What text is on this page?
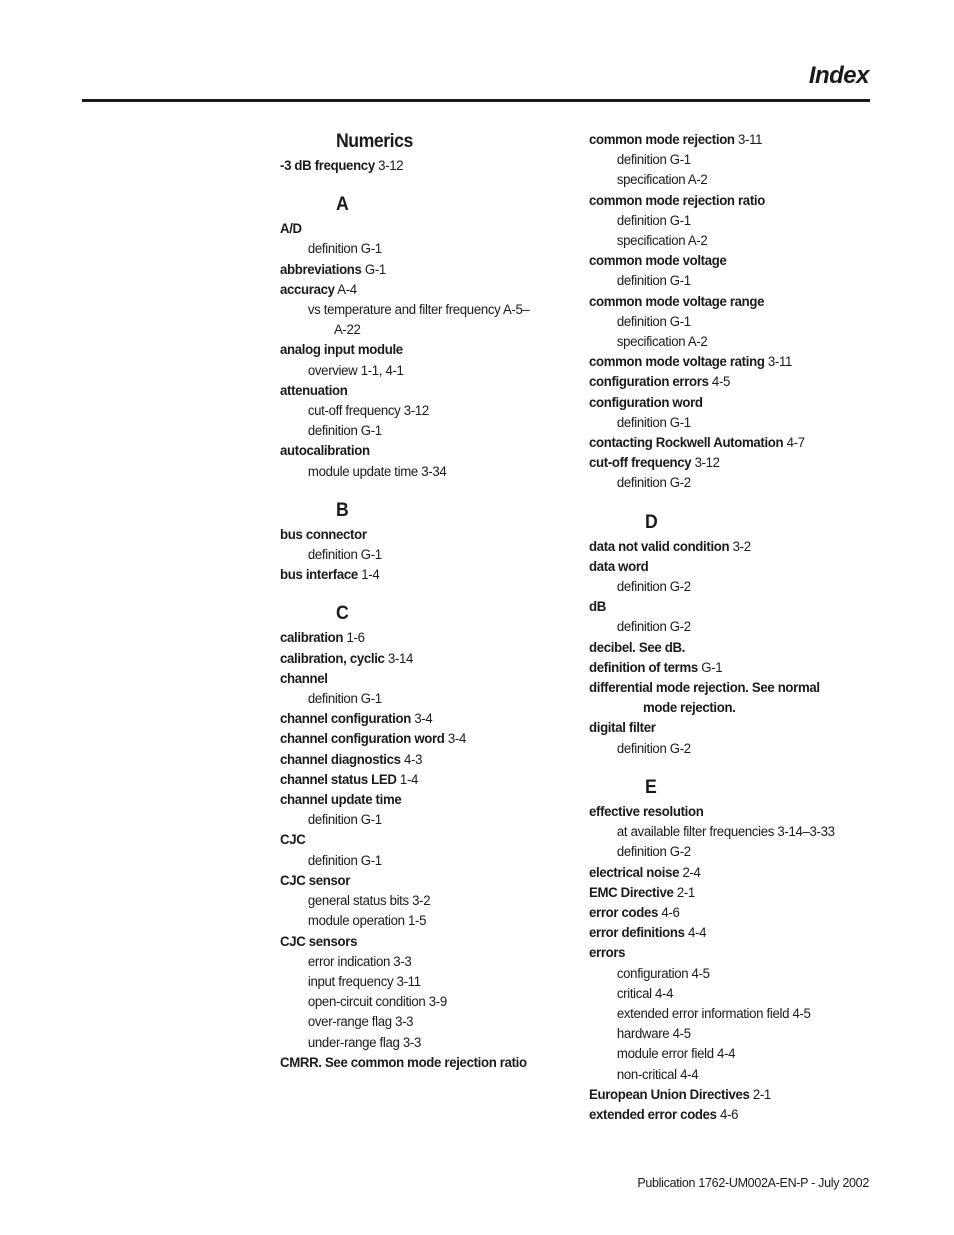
Index
Numerics
-3 dB frequency 3-12
A
A/D
definition G-1
abbreviations G-1
accuracy A-4
vs temperature and filter frequency A-5–
A-22
analog input module
overview 1-1, 4-1
attenuation
cut-off frequency 3-12
definition G-1
autocalibration
module update time 3-34
B
bus connector
definition G-1
bus interface 1-4
C
calibration 1-6
calibration, cyclic 3-14
channel
definition G-1
channel configuration 3-4
channel configuration word 3-4
channel diagnostics 4-3
channel status LED 1-4
channel update time
definition G-1
CJC
definition G-1
CJC sensor
general status bits 3-2
module operation 1-5
CJC sensors
error indication 3-3
input frequency 3-11
open-circuit condition 3-9
over-range flag 3-3
under-range flag 3-3
CMRR. See common mode rejection ratio
common mode rejection 3-11
definition G-1
specification A-2
common mode rejection ratio
definition G-1
specification A-2
common mode voltage
definition G-1
common mode voltage range
definition G-1
specification A-2
common mode voltage rating 3-11
configuration errors 4-5
configuration word
definition G-1
contacting Rockwell Automation 4-7
cut-off frequency 3-12
definition G-2
D
data not valid condition 3-2
data word
definition G-2
dB
definition G-2
decibel. See dB.
definition of terms G-1
differential mode rejection. See normal
mode rejection.
digital filter
definition G-2
E
effective resolution
at available filter frequencies 3-14–3-33
definition G-2
electrical noise 2-4
EMC Directive 2-1
error codes 4-6
error definitions 4-4
errors
configuration 4-5
critical 4-4
extended error information field 4-5
hardware 4-5
module error field 4-4
non-critical 4-4
European Union Directives 2-1
extended error codes 4-6
Publication 1762-UM002A-EN-P - July 2002
